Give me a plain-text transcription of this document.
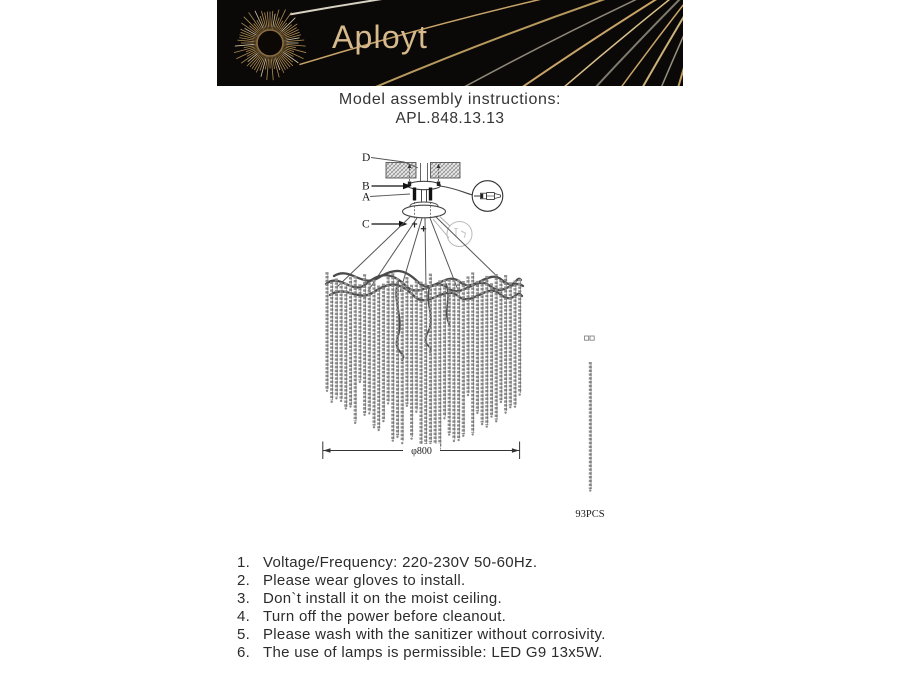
Aployt
Model assembly instructions:
APL.848.13.13
D
B
A
C
φ800
93PCS
1. Voltage/Frequency: 220-230V 50-60Hz.
2. Please wear gloves to install.
3. Don`t install it on the moist ceiling.
4. Turn off the power before cleanout.
5. Please wash with the sanitizer without corrosivity.
6. The use of lamps is permissible: LED G9 13x5W.
